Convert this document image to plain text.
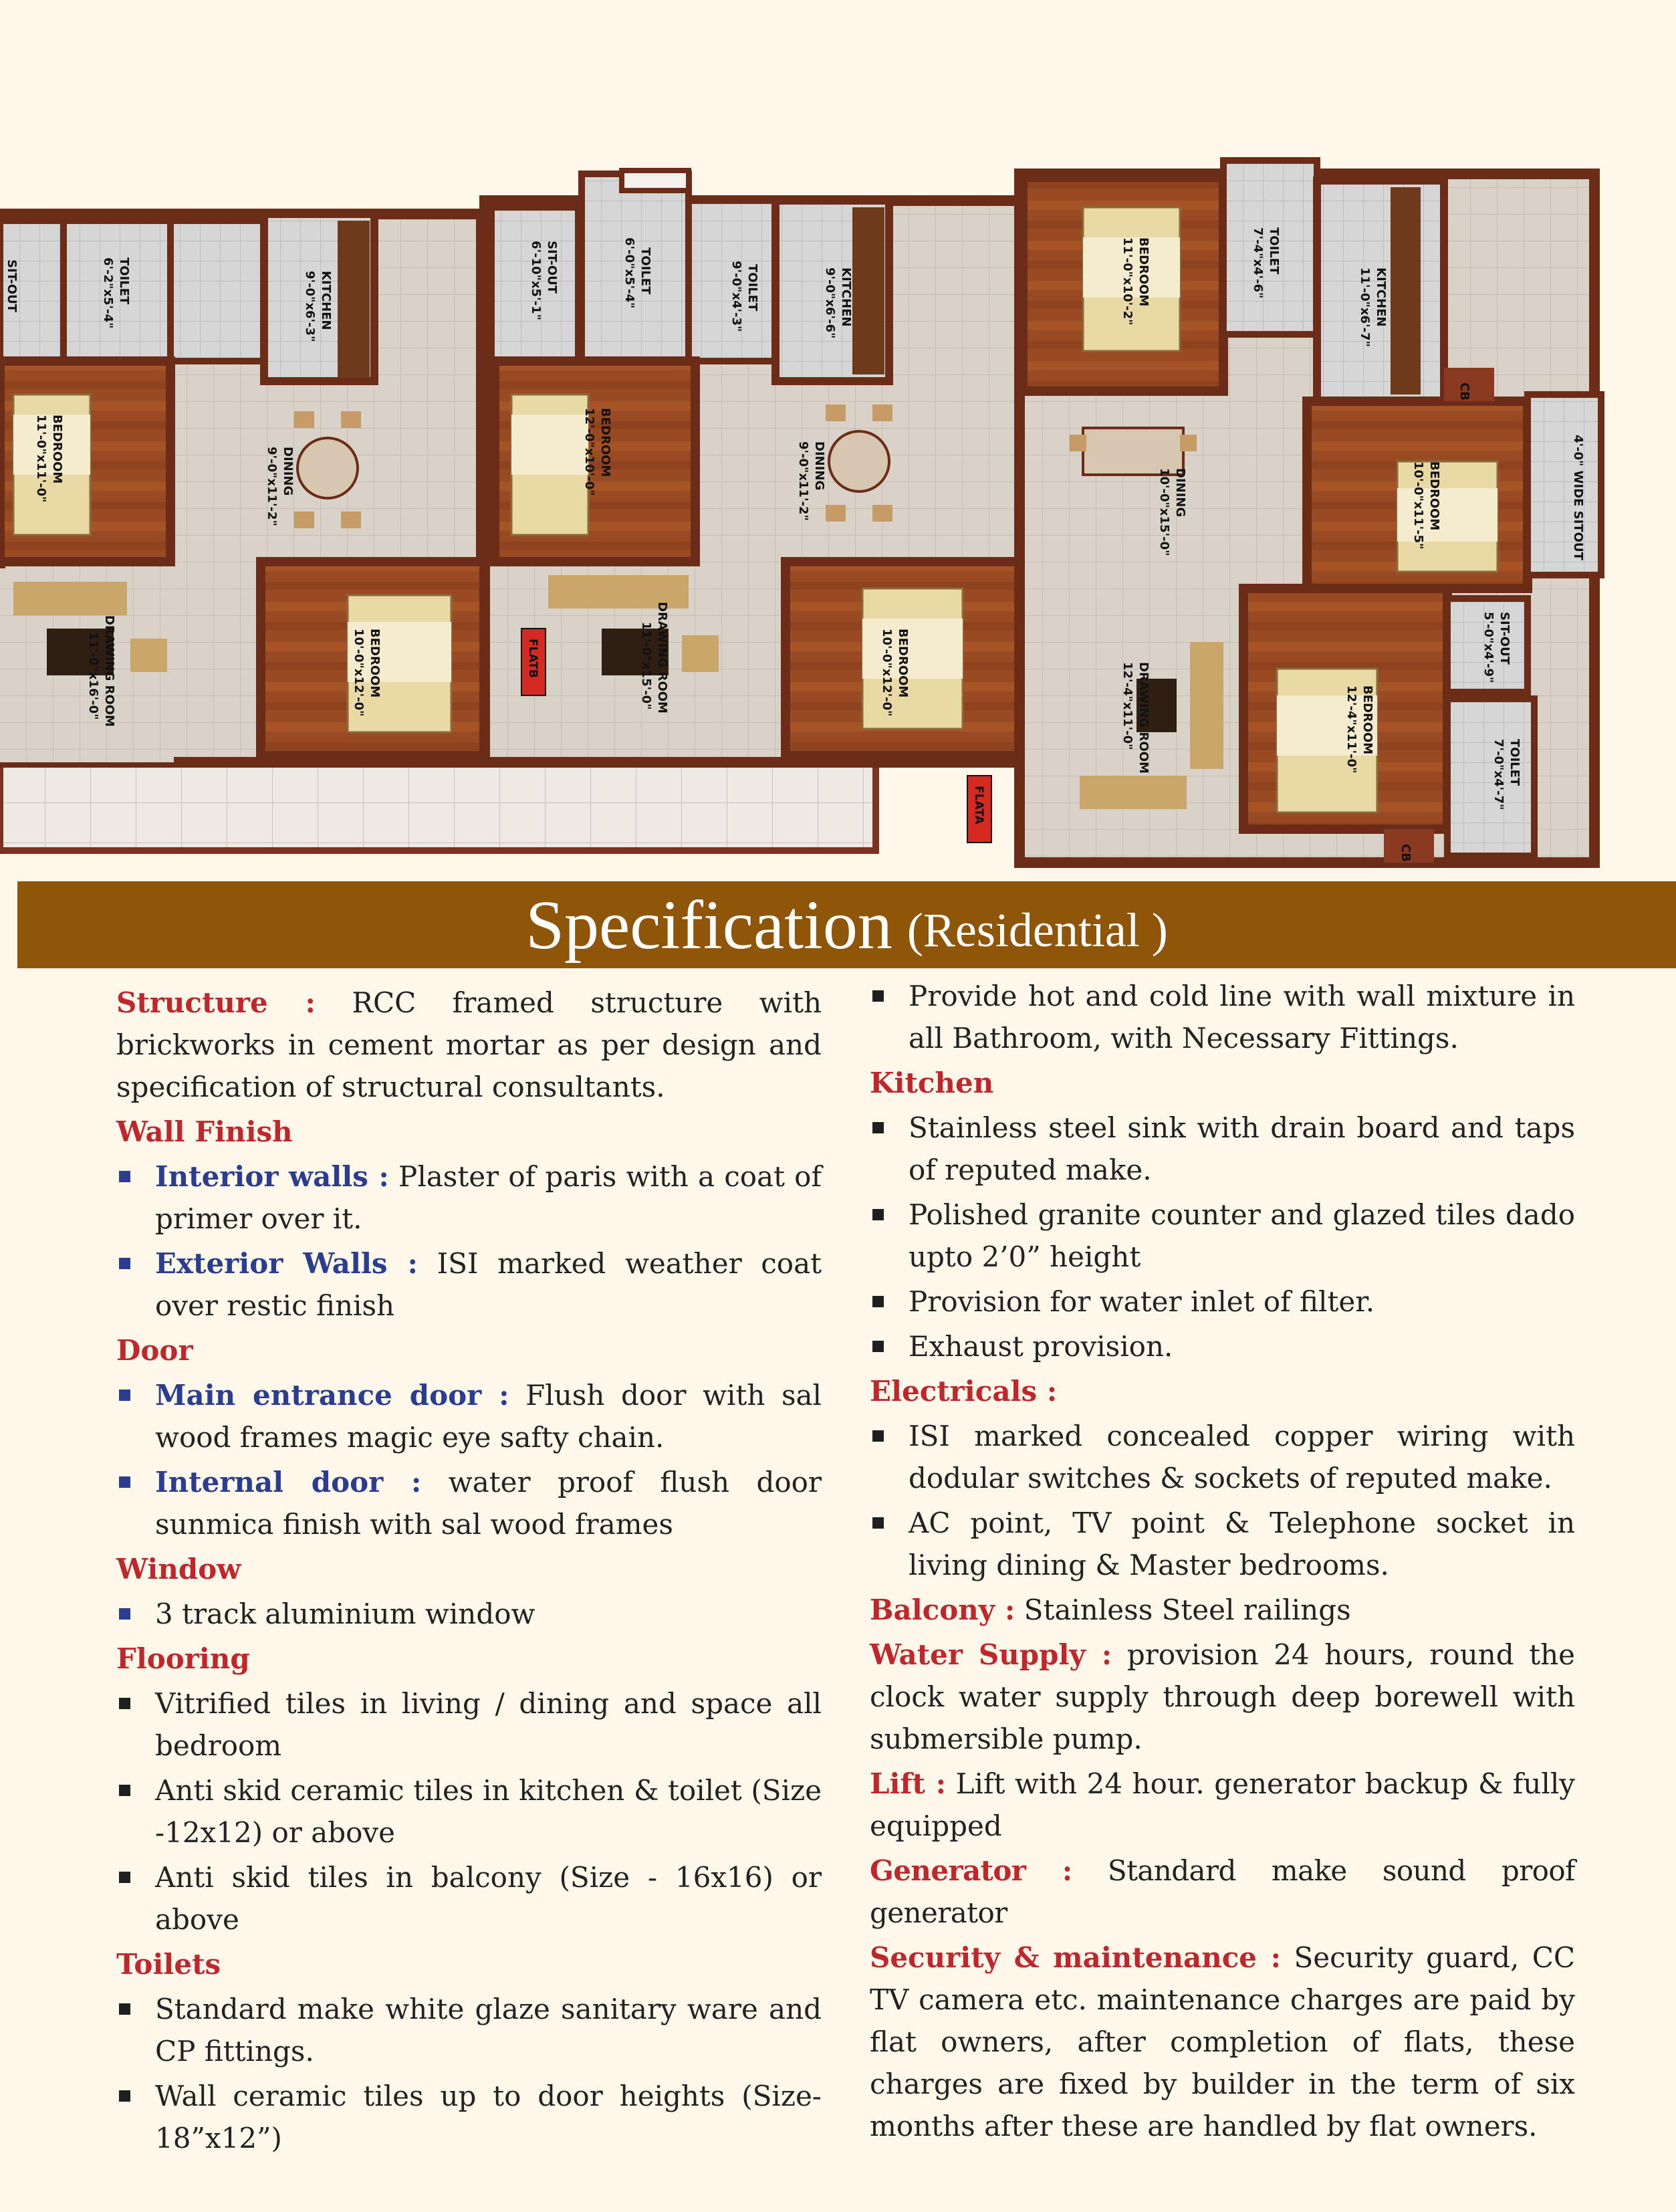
SIT-OUT	TOILET
6'-2"x5'-4"	KITCHEN
9'-0"x6'-3"
BEDROOM
11'-0"x11'-0"	DINING
9'-0"x11'-2"
DRAWING ROOM
11'-0"x16'-0"	BEDROOM
10'-0"x12'-0"	FLATB
SIT-OUT
6'-10"x5'-1"	TOILET
6'-0"x5'-4"	TOILET
9'-0"x4'-3"	KITCHEN
9'-0"x6'-6"
BEDROOM
12'-0"x10'-0"	DINING
9'-0"x11'-2"
DRAWING ROOM
11'-0"x15'-0"	BEDROOM
10'-0"x12'-0"
FLATA
BEDROOM
11'-0"x10'-2"	TOILET
7'-4"x4'-6"	KITCHEN
11'-0"x6'-7"
DINING
10'-0"x15'-0"	BEDROOM
10'-0"x11'-5"	4'-0" WIDE SITOUT
CB
CB
SIT-OUT
5'-0"x4'-9"
DRAWING ROOM
12'-4"x11'-0"	BEDROOM
12'-4"x11'-0"	TOILET
7'-0"x4'-7"
Specification (Residential )

Structure : RCC framed structure with brickworks in cement mortar as per design and specification of structural consultants.

Wall Finish

Interior walls : Plaster of paris with a coat of primer over it.

Exterior Walls : ISI marked weather coat over restic finish

Door

Main entrance door : Flush door with sal wood frames magic eye safty chain.

Internal door : water proof flush door sunmica finish with sal wood frames

Window

3 track aluminium window

Flooring

Vitrified tiles in living / dining and space all bedroom

Anti skid ceramic tiles in kitchen & toilet (Size -12x12) or above

Anti skid tiles in balcony (Size - 16x16) or above

Toilets

Standard make white glaze sanitary ware and CP fittings.

Wall ceramic tiles up to door heights (Size-18”x12”)

Provide hot and cold line with wall mixture in all Bathroom, with Necessary Fittings.

Kitchen

Stainless steel sink with drain board and taps of reputed make.

Polished granite counter and glazed tiles dado upto 2’0” height

Provision for water inlet of filter.

Exhaust provision.

Electricals :

ISI marked concealed copper wiring with dodular switches & sockets of reputed make.

AC point, TV point & Telephone socket in living dining & Master bedrooms.

Balcony : Stainless Steel railings

Water Supply : provision 24 hours, round the clock water supply through deep borewell with submersible pump.

Lift : Lift with 24 hour. generator backup & fully equipped

Generator : Standard make sound proof generator

Security & maintenance : Security guard, CC TV camera etc. maintenance charges are paid by flat owners, after completion of flats, these charges are fixed by builder in the term of six months after these are handled by flat owners.
